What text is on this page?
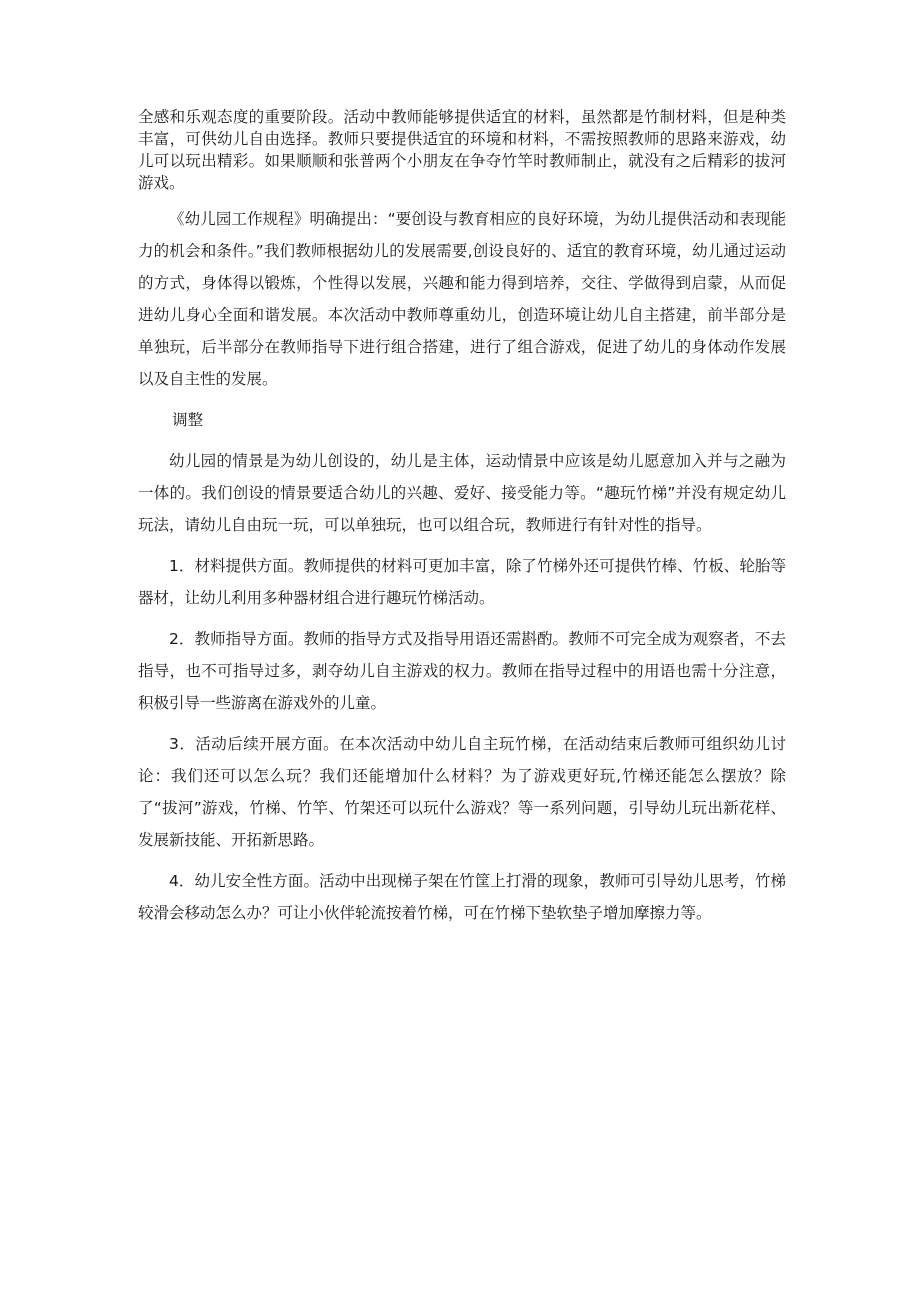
全感和乐观态度的重要阶段。活动中教师能够提供适宜的材料，虽然都是竹制材料，但是种类丰富，可供幼儿自由选择。教师只要提供适宜的环境和材料，不需按照教师的思路来游戏，幼儿可以玩出精彩。如果顺顺和张普两个小朋友在争夺竹竿时教师制止，就没有之后精彩的拔河游戏。

《幼儿园工作规程》明确提出：“要创设与教育相应的良好环境，为幼儿提供活动和表现能力的机会和条件。”我们教师根据幼儿的发展需要,创设良好的、适宜的教育环境，幼儿通过运动的方式，身体得以锻炼，个性得以发展，兴趣和能力得到培养，交往、学做得到启蒙，从而促进幼儿身心全面和谐发展。本次活动中教师尊重幼儿，创造环境让幼儿自主搭建，前半部分是单独玩，后半部分在教师指导下进行组合搭建，进行了组合游戏，促进了幼儿的身体动作发展以及自主性的发展。

调整

幼儿园的情景是为幼儿创设的，幼儿是主体，运动情景中应该是幼儿愿意加入并与之融为一体的。我们创设的情景要适合幼儿的兴趣、爱好、接受能力等。“趣玩竹梯”并没有规定幼儿玩法，请幼儿自由玩一玩，可以单独玩，也可以组合玩，教师进行有针对性的指导。

1．材料提供方面。教师提供的材料可更加丰富，除了竹梯外还可提供竹棒、竹板、轮胎等器材，让幼儿利用多种器材组合进行趣玩竹梯活动。

2．教师指导方面。教师的指导方式及指导用语还需斟酌。教师不可完全成为观察者，不去指导，也不可指导过多，剥夺幼儿自主游戏的权力。教师在指导过程中的用语也需十分注意，积极引导一些游离在游戏外的儿童。

3．活动后续开展方面。在本次活动中幼儿自主玩竹梯，在活动结束后教师可组织幼儿讨论：我们还可以怎么玩？我们还能增加什么材料？为了游戏更好玩,竹梯还能怎么摆放？除了“拔河”游戏，竹梯、竹竿、竹架还可以玩什么游戏？等一系列问题，引导幼儿玩出新花样、发展新技能、开拓新思路。

4．幼儿安全性方面。活动中出现梯子架在竹筐上打滑的现象，教师可引导幼儿思考，竹梯较滑会移动怎么办？可让小伙伴轮流按着竹梯，可在竹梯下垫软垫子增加摩擦力等。
